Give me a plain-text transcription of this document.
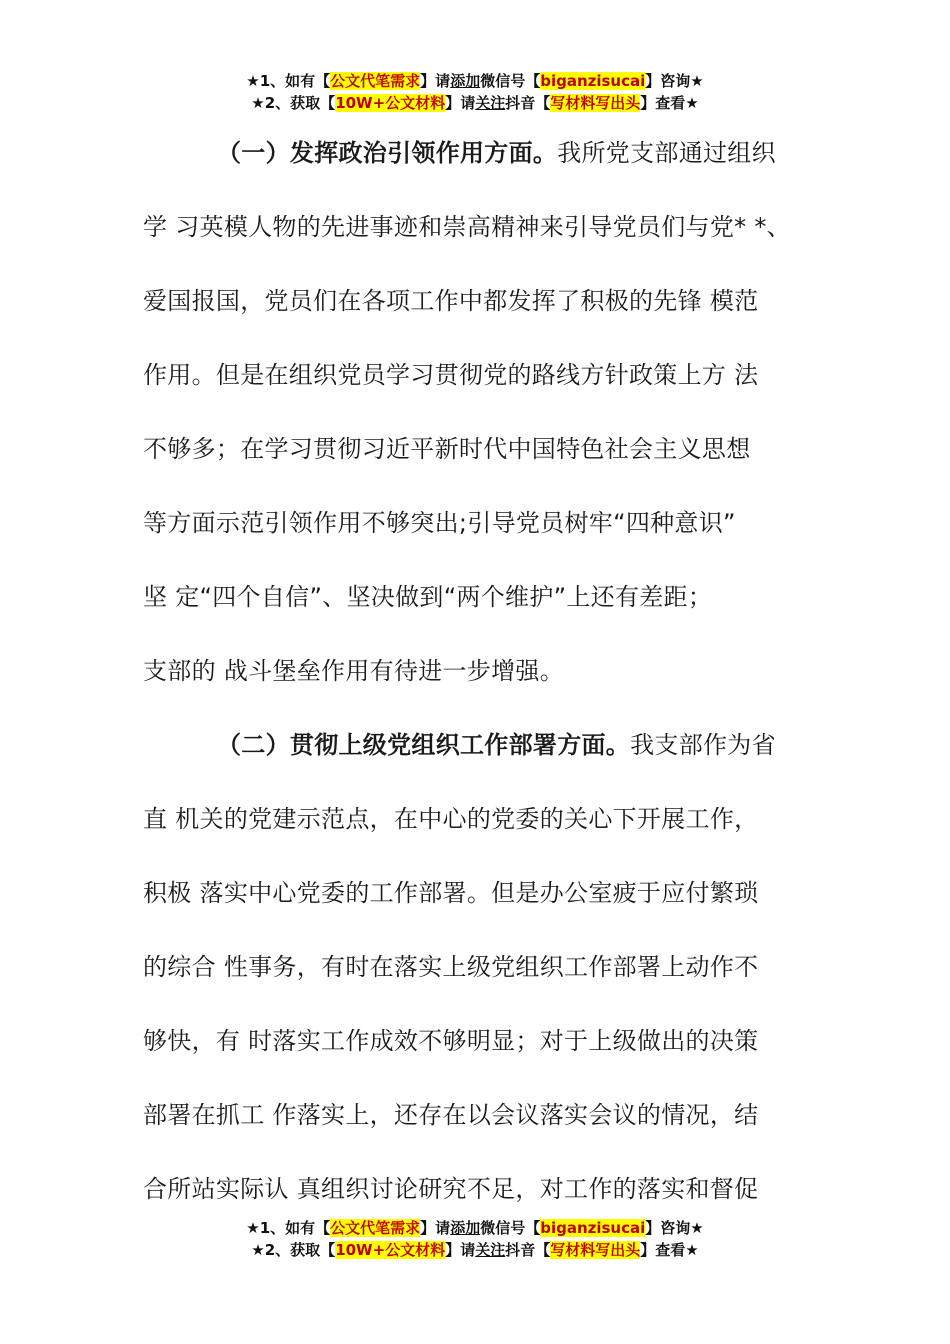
★1、如有【公文代笔需求】请添加微信号【biganzisucai】咨询★
★2、获取【10W+公文材料】请关注抖音【写材料写出头】查看★
（一）发挥政治引领作用方面。我所党支部通过组织
学 习英模人物的先进事迹和崇高精神来引导党员们与党* *、
爱国报国，党员们在各项工作中都发挥了积极的先锋 模范
作用。但是在组织党员学习贯彻党的路线方针政策上方 法
不够多；在学习贯彻习近平新时代中国特色社会主义思想
等方面示范引领作用不够突出;引导党员树牢“四种意识”
坚 定“四个自信”、坚决做到“两个维护”上还有差距；
支部的 战斗堡垒作用有待进一步增强。
（二）贯彻上级党组织工作部署方面。我支部作为省
直 机关的党建示范点，在中心的党委的关心下开展工作，
积极 落实中心党委的工作部署。但是办公室疲于应付繁琐
的综合 性事务，有时在落实上级党组织工作部署上动作不
够快，有 时落实工作成效不够明显；对于上级做出的决策
部署在抓工 作落实上，还存在以会议落实会议的情况，结
合所站实际认 真组织讨论研究不足，对工作的落实和督促
★1、如有【公文代笔需求】请添加微信号【biganzisucai】咨询★
★2、获取【10W+公文材料】请关注抖音【写材料写出头】查看★
